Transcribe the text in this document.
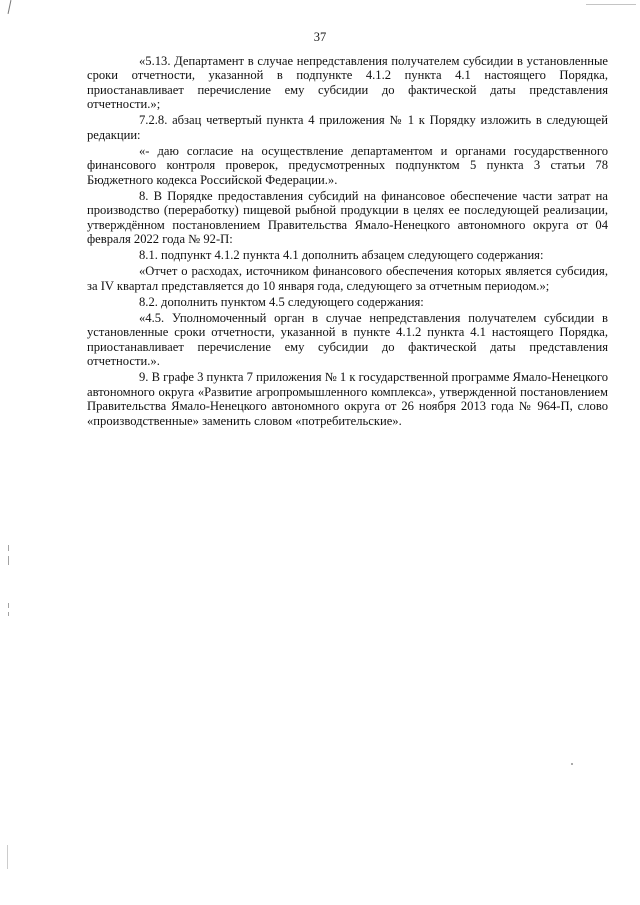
37

«5.13. Департамент в случае непредставления получателем субсидии в установленные сроки отчетности, указанной в подпункте 4.1.2 пункта 4.1 настоящего Порядка, приостанавливает перечисление ему субсидии до фактической даты представления отчетности.»;

7.2.8. абзац четвертый пункта 4 приложения № 1 к Порядку изложить в следующей редакции:

«- даю согласие на осуществление департаментом и органами государственного финансового контроля проверок, предусмотренных подпунктом 5 пункта 3 статьи 78 Бюджетного кодекса Российской Федерации.».

8. В Порядке предоставления субсидий на финансовое обеспечение части затрат на производство (переработку) пищевой рыбной продукции в целях ее последующей реализации, утверждённом постановлением Правительства Ямало-Ненецкого автономного округа от 04 февраля 2022 года № 92-П:

8.1. подпункт 4.1.2 пункта 4.1 дополнить абзацем следующего содержания:

«Отчет о расходах, источником финансового обеспечения которых является субсидия, за IV квартал представляется до 10 января года, следующего за отчетным периодом.»;

8.2. дополнить пунктом 4.5 следующего содержания:

«4.5. Уполномоченный орган в случае непредставления получателем субсидии в установленные сроки отчетности, указанной в пункте 4.1.2 пункта 4.1 настоящего Порядка, приостанавливает перечисление ему субсидии до фактической даты представления отчетности.».

9. В графе 3 пункта 7 приложения № 1 к государственной программе Ямало-Ненецкого автономного округа «Развитие агропромышленного комплекса», утвержденной постановлением Правительства Ямало-Ненецкого автономного округа от 26 ноября 2013 года № 964-П, слово «производственные» заменить словом «потребительские».
